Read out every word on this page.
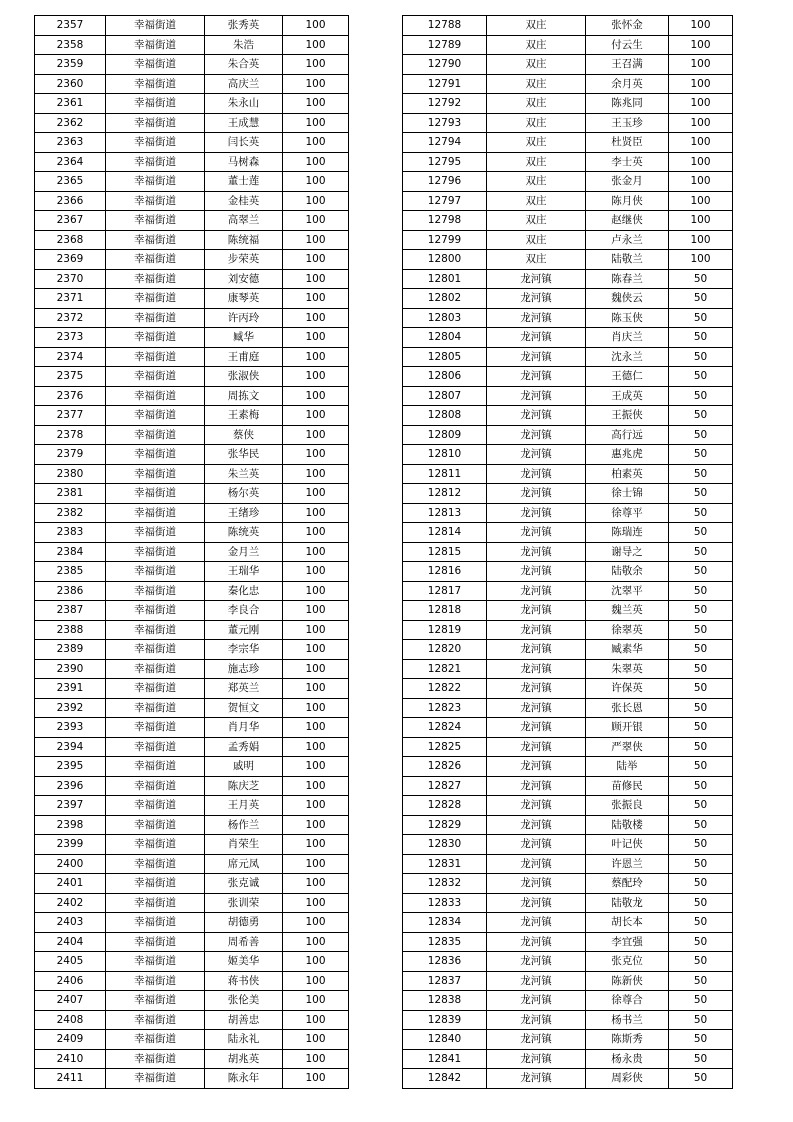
2357	幸福街道	张秀英	100
2358	幸福街道	朱浩	100
2359	幸福街道	朱合英	100
2360	幸福街道	高庆兰	100
2361	幸福街道	朱永山	100
2362	幸福街道	王成慧	100
2363	幸福街道	闫长英	100
2364	幸福街道	马树森	100
2365	幸福街道	董士莲	100
2366	幸福街道	金桂英	100
2367	幸福街道	高翠兰	100
2368	幸福街道	陈统福	100
2369	幸福街道	步荣英	100
2370	幸福街道	刘安德	100
2371	幸福街道	康琴英	100
2372	幸福街道	许丙玲	100
2373	幸福街道	臧华	100
2374	幸福街道	王甫庭	100
2375	幸福街道	张淑侠	100
2376	幸福街道	周拣文	100
2377	幸福街道	王素梅	100
2378	幸福街道	蔡侠	100
2379	幸福街道	张华民	100
2380	幸福街道	朱兰英	100
2381	幸福街道	杨尔英	100
2382	幸福街道	王绪珍	100
2383	幸福街道	陈统英	100
2384	幸福街道	金月兰	100
2385	幸福街道	王瑞华	100
2386	幸福街道	秦化忠	100
2387	幸福街道	李良合	100
2388	幸福街道	董元刚	100
2389	幸福街道	李宗华	100
2390	幸福街道	施志珍	100
2391	幸福街道	郑英兰	100
2392	幸福街道	贺恒文	100
2393	幸福街道	肖月华	100
2394	幸福街道	孟秀娟	100
2395	幸福街道	戚明	100
2396	幸福街道	陈庆芝	100
2397	幸福街道	王月英	100
2398	幸福街道	杨作兰	100
2399	幸福街道	肖荣生	100
2400	幸福街道	席元凤	100
2401	幸福街道	张克诚	100
2402	幸福街道	张训荣	100
2403	幸福街道	胡德勇	100
2404	幸福街道	周希善	100
2405	幸福街道	姬美华	100
2406	幸福街道	蒋书侠	100
2407	幸福街道	张伦美	100
2408	幸福街道	胡善忠	100
2409	幸福街道	陆永礼	100
2410	幸福街道	胡兆英	100
2411	幸福街道	陈永年	100
12788	双庄	张怀金	100
12789	双庄	付云生	100
12790	双庄	王召满	100
12791	双庄	余月英	100
12792	双庄	陈兆同	100
12793	双庄	王玉珍	100
12794	双庄	杜贤臣	100
12795	双庄	李士英	100
12796	双庄	张金月	100
12797	双庄	陈月侠	100
12798	双庄	赵继侠	100
12799	双庄	卢永兰	100
12800	双庄	陆敬兰	100
12801	龙河镇	陈春兰	50
12802	龙河镇	魏侠云	50
12803	龙河镇	陈玉侠	50
12804	龙河镇	肖庆兰	50
12805	龙河镇	沈永兰	50
12806	龙河镇	王德仁	50
12807	龙河镇	王成英	50
12808	龙河镇	王振侠	50
12809	龙河镇	高行远	50
12810	龙河镇	惠兆虎	50
12811	龙河镇	柏素英	50
12812	龙河镇	徐士锦	50
12813	龙河镇	徐尊平	50
12814	龙河镇	陈瑞连	50
12815	龙河镇	谢导之	50
12816	龙河镇	陆敬余	50
12817	龙河镇	沈翠平	50
12818	龙河镇	魏兰英	50
12819	龙河镇	徐翠英	50
12820	龙河镇	臧素华	50
12821	龙河镇	朱翠英	50
12822	龙河镇	许保英	50
12823	龙河镇	张长恩	50
12824	龙河镇	顾开银	50
12825	龙河镇	严翠侠	50
12826	龙河镇	陆举	50
12827	龙河镇	苗修民	50
12828	龙河镇	张振良	50
12829	龙河镇	陆敬楼	50
12830	龙河镇	叶记侠	50
12831	龙河镇	许恩兰	50
12832	龙河镇	蔡配玲	50
12833	龙河镇	陆敬龙	50
12834	龙河镇	胡长本	50
12835	龙河镇	李宜强	50
12836	龙河镇	张克位	50
12837	龙河镇	陈新侠	50
12838	龙河镇	徐尊合	50
12839	龙河镇	杨书兰	50
12840	龙河镇	陈斯秀	50
12841	龙河镇	杨永贵	50
12842	龙河镇	周彩侠	50
